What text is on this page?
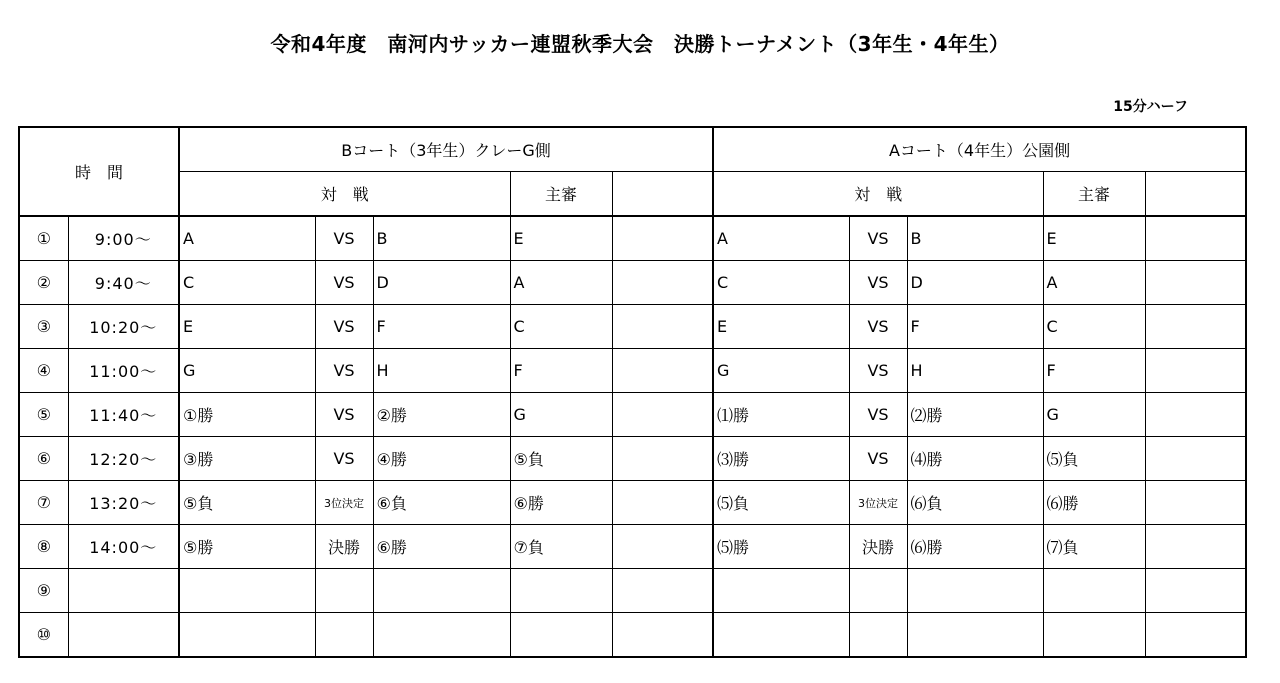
令和4年度　南河内サッカー連盟秋季大会　決勝トーナメント（3年生・4年生）
15分ハーフ
時　間		Bコート（3年生）クレーG側					Aコート（4年生）公園側				
		対　戦			主審		対　戦			主審	
①	9:00～	A	VS	B	E		A	VS	B	E	
②	9:40～	C	VS	D	A		C	VS	D	A	
③	10:20～	E	VS	F	C		E	VS	F	C	
④	11:00～	G	VS	H	F		G	VS	H	F	
⑤	11:40～	①勝	VS	②勝	G		⑴勝	VS	⑵勝	G	
⑥	12:20～	③勝	VS	④勝	⑤負		⑶勝	VS	⑷勝	⑸負	
⑦	13:20～	⑤負	3位決定	⑥負	⑥勝		⑸負	3位決定	⑹負	⑹勝	
⑧	14:00～	⑤勝	決勝	⑥勝	⑦負		⑸勝	決勝	⑹勝	⑺負	
⑨											
⑩											
